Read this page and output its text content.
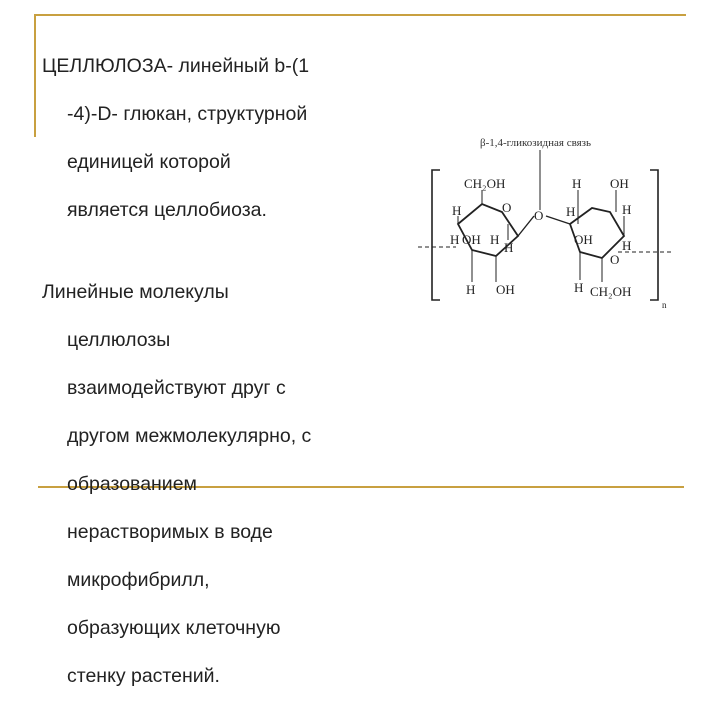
ЦЕЛЛЮЛОЗА- линейный b-(1

-4)-D- глюкан, структурной

единицей которой

является целлобиоза.

Линейные молекулы

целлюлозы

взаимодействуют друг с

другом межмолекулярно, с

образованием

нерастворимых в воде

микрофибрилл,

образующих клеточную

стенку растений.

β-1,4-гликозидная связь
CH₂OH
H	O
H OH H
H
OH
H
O
H OH
H
OH
H
O
H
H CH₂OH
n
